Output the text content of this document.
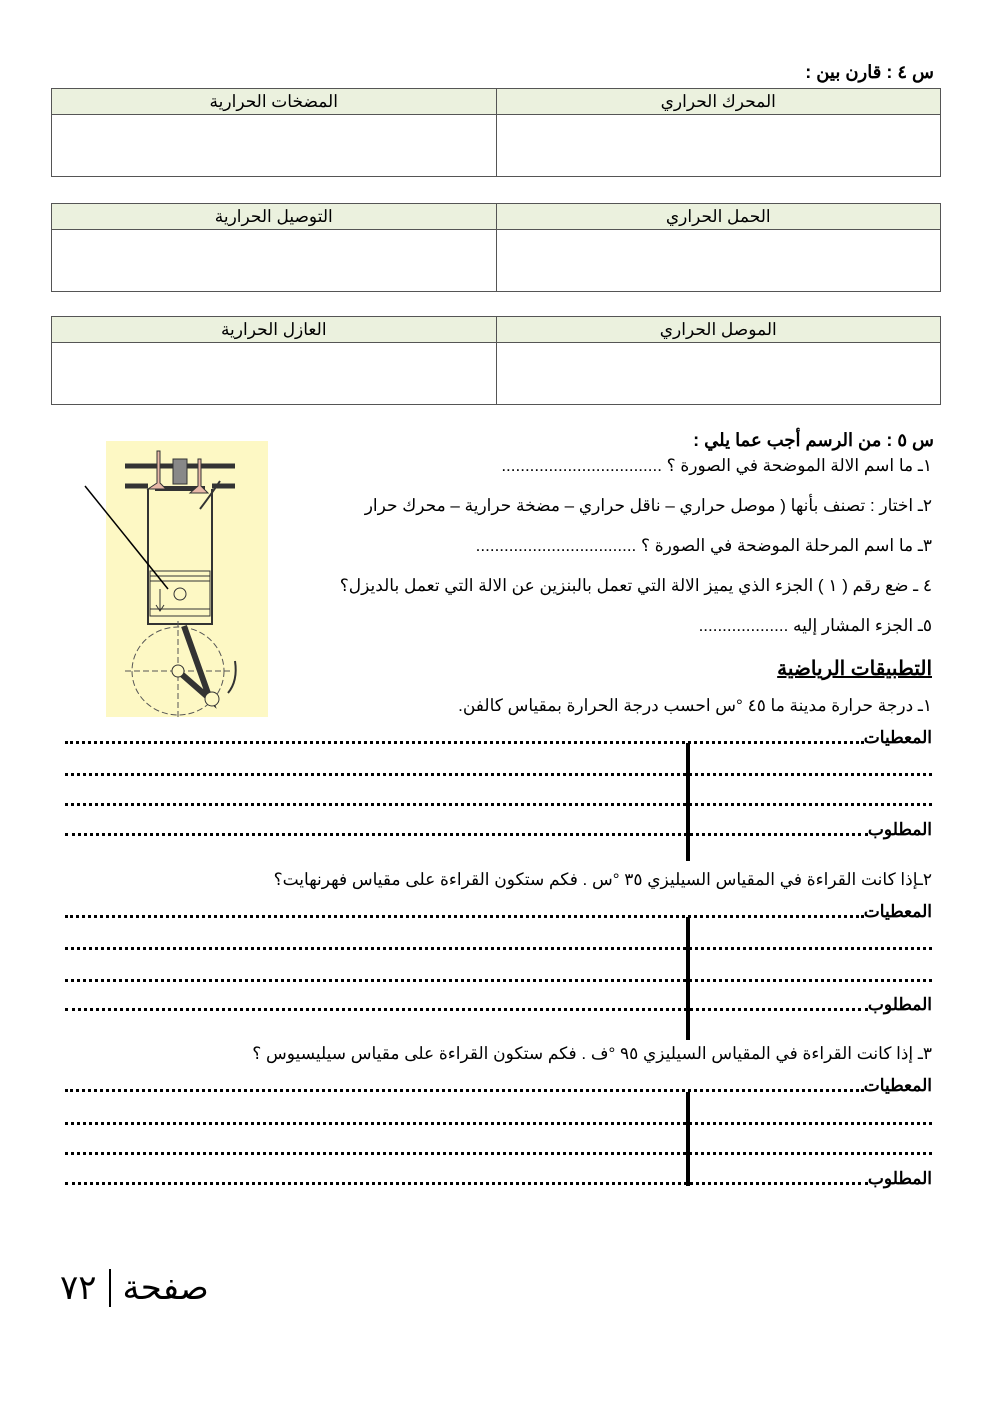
س ٤ : قارن بين :
المضخات الحرارية	المحرك الحراري

التوصيل الحرارية	الحمل الحراري

العازل الحرارية	الموصل الحراري

س ٥ : من الرسم أجب عما يلي :
١ـ ما اسم الالة الموضحة في الصورة ؟ ..................................
٢ـ اختار : تصنف بأنها ( موصل حراري – ناقل حراري – مضخة حرارية – محرك حرار
٣ـ ما اسم المرحلة الموضحة في الصورة ؟ ..................................
٤ ـ ضع رقم ( ١ ) الجزء الذي يميز الالة التي تعمل بالبنزين عن الالة التي تعمل بالديزل؟
٥ـ الجزء المشار إليه ...................
التطبيقات الرياضية
١ـ درجة حرارة مدينة ما ٤٥ °س احسب درجة الحرارة بمقياس كالفن.
المعطيات
المطلوب
٢ـإذا كانت القراءة في المقياس السيليزي ٣٥ °س . فكم ستكون القراءة على مقياس فهرنهايت؟
المعطيات
المطلوب
٣ـ إذا كانت القراءة في المقياس السيليزي ٩٥ °ف . فكم ستكون القراءة على مقياس سيليسيوس ؟
المعطيات
المطلوب
٧٢ صفحة
